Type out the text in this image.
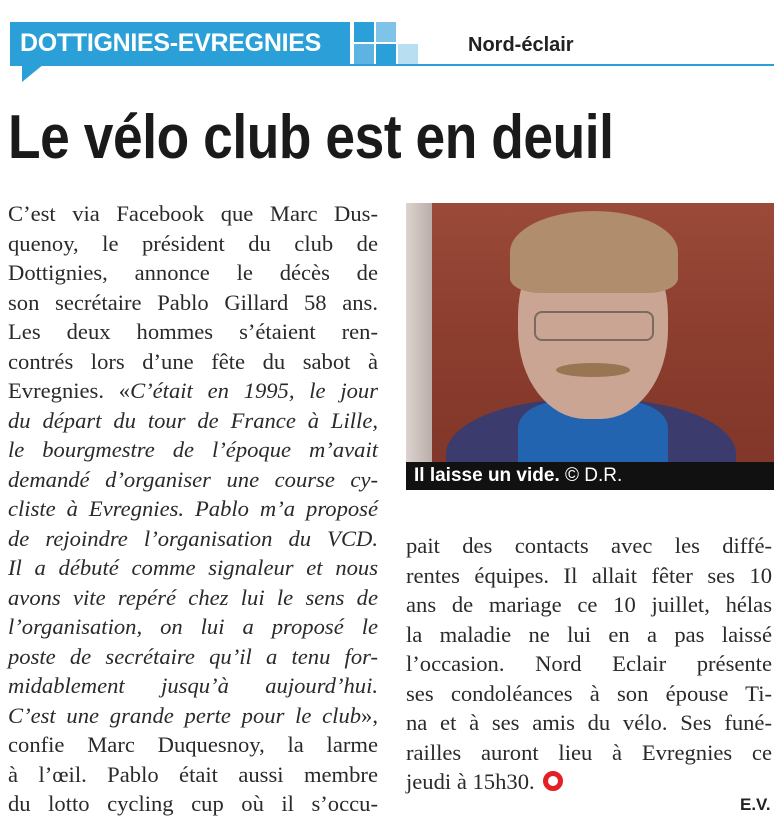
DOTTIGNIES-EVREGNIES	Nord-éclair
Le vélo club est en deuil
C’est via Facebook que Marc Dus-
quenoy, le président du club de
Dottignies, annonce le décès de
son secrétaire Pablo Gillard 58 ans.
Les deux hommes s’étaient ren-
contrés lors d’une fête du sabot à
Evregnies. «C’était en 1995, le jour
du départ du tour de France à Lille,
le bourgmestre de l’époque m’avait
demandé d’organiser une course cy-
cliste à Evregnies. Pablo m’a proposé
de rejoindre l’organisation du VCD.
Il a débuté comme signaleur et nous
avons vite repéré chez lui le sens de
l’organisation, on lui a proposé le
poste de secrétaire qu’il a tenu for-
midablement jusqu’à aujourd’hui.
C’est une grande perte pour le club»,
confie Marc Duquesnoy, la larme
à l’œil. Pablo était aussi membre
du lotto cycling cup où il s’occu-
Il laisse un vide. © D.R.
pait des contacts avec les diffé-
rentes équipes. Il allait fêter ses 10
ans de mariage ce 10 juillet, hélas
la maladie ne lui en a pas laissé
l’occasion. Nord Eclair présente
ses condoléances à son épouse Ti-
na et à ses amis du vélo. Ses funé-
railles auront lieu à Evregnies ce
jeudi à 15h30.
E.V.
